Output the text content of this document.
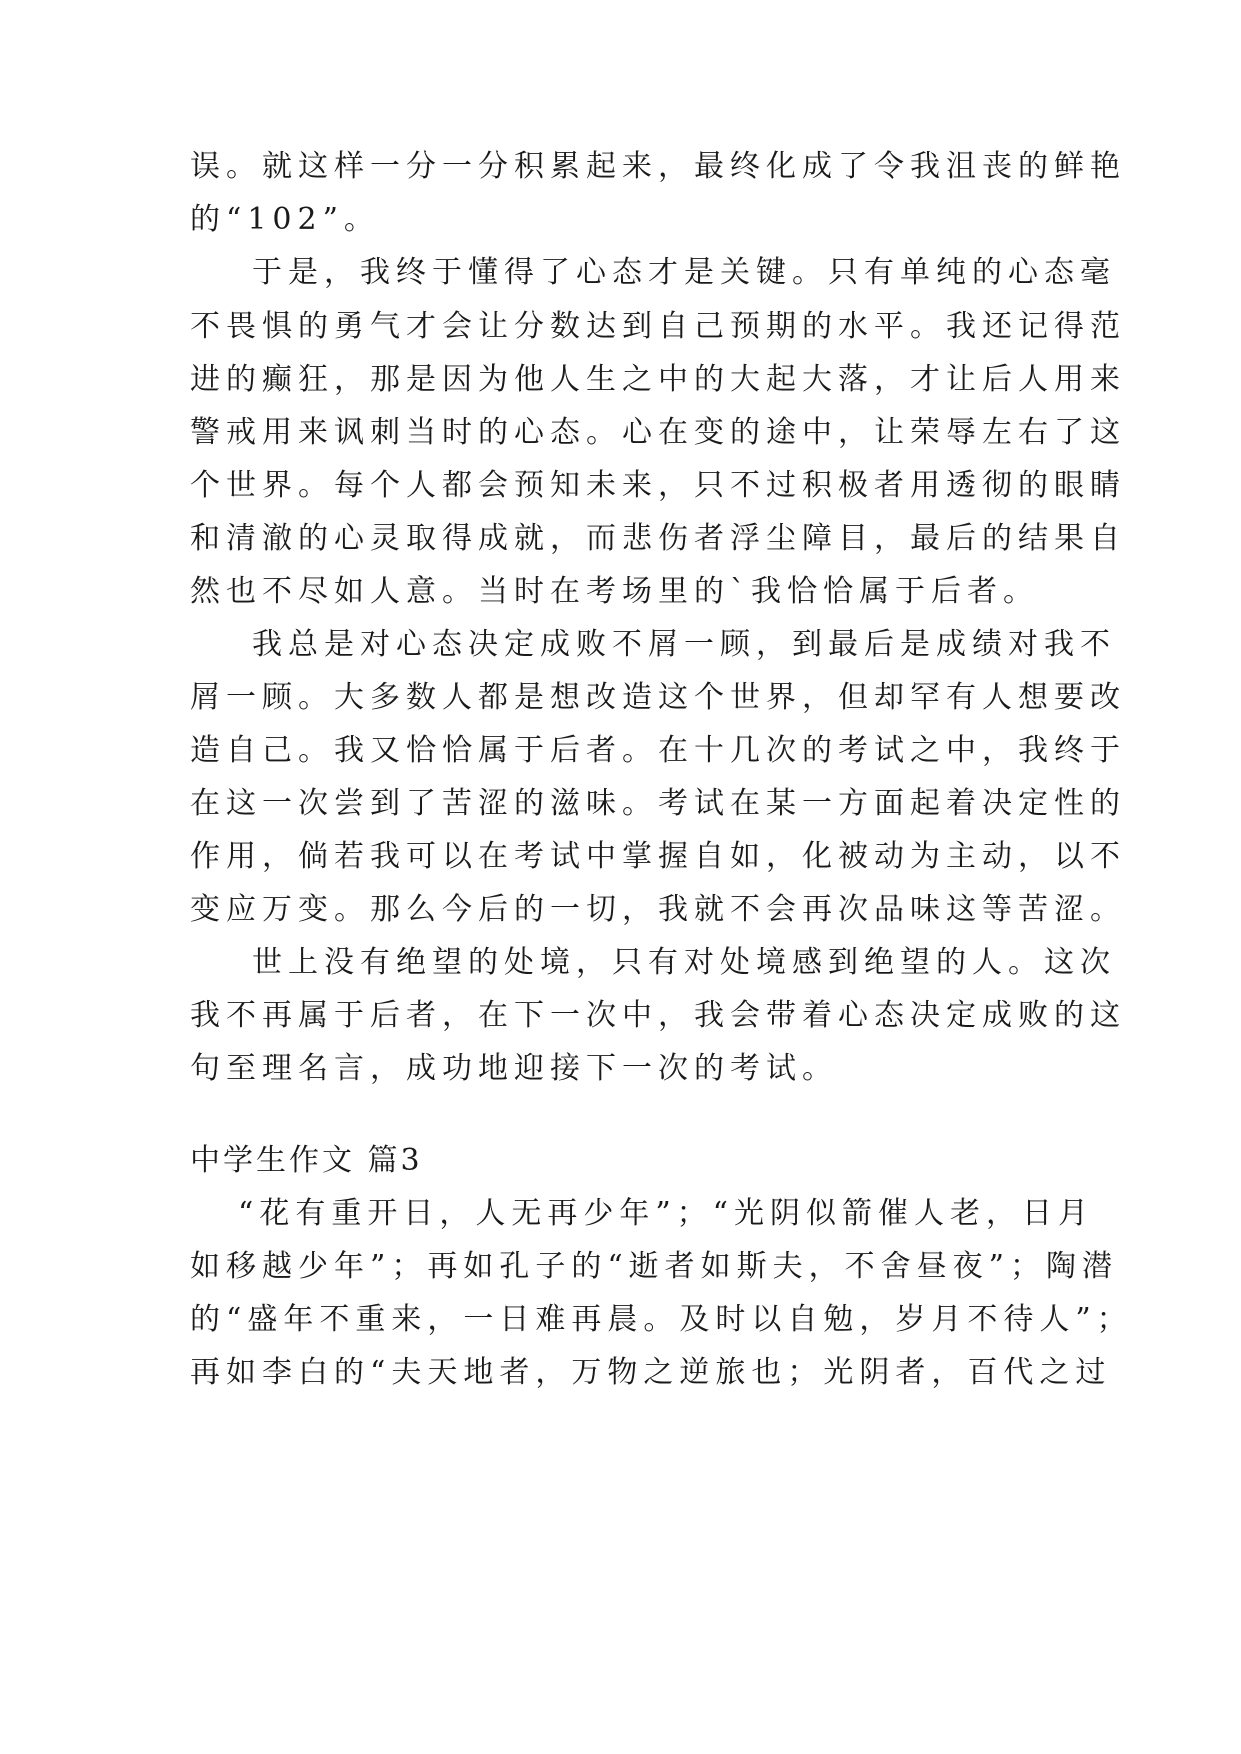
误。就这样一分一分积累起来，最终化成了令我沮丧的鲜艳
的“102”。
于是，我终于懂得了心态才是关键。只有单纯的心态毫
不畏惧的勇气才会让分数达到自己预期的水平。我还记得范
进的癫狂，那是因为他人生之中的大起大落，才让后人用来
警戒用来讽刺当时的心态。心在变的途中，让荣辱左右了这
个世界。每个人都会预知未来，只不过积极者用透彻的眼睛
和清澈的心灵取得成就，而悲伤者浮尘障目，最后的结果自
然也不尽如人意。当时在考场里的`我恰恰属于后者。
我总是对心态决定成败不屑一顾，到最后是成绩对我不
屑一顾。大多数人都是想改造这个世界，但却罕有人想要改
造自己。我又恰恰属于后者。在十几次的考试之中，我终于
在这一次尝到了苦涩的滋味。考试在某一方面起着决定性的
作用，倘若我可以在考试中掌握自如，化被动为主动，以不
变应万变。那么今后的一切，我就不会再次品味这等苦涩。
世上没有绝望的处境，只有对处境感到绝望的人。这次
我不再属于后者，在下一次中，我会带着心态决定成败的这
句至理名言，成功地迎接下一次的考试。
中学生作文 篇3
“花有重开日，人无再少年”；“光阴似箭催人老，日月
如移越少年”；再如孔子的“逝者如斯夫，不舍昼夜”；陶潜
的“盛年不重来，一日难再晨。及时以自勉，岁月不待人”；
再如李白的“夫天地者，万物之逆旅也；光阴者，百代之过
